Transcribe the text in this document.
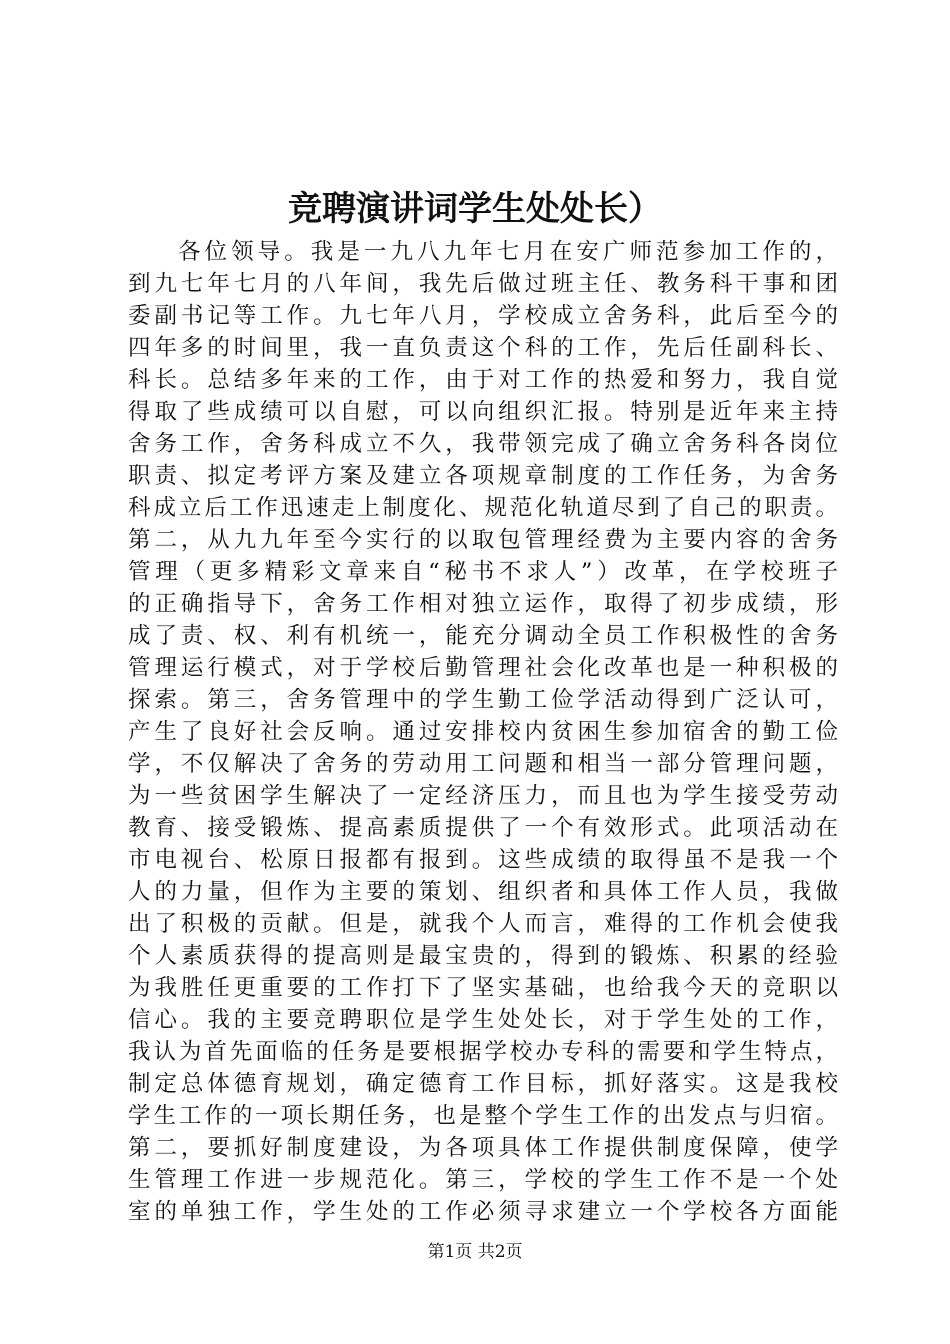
竞聘演讲词学生处处长）
各位领导。我是一九八九年七月在安广师范参加工作的，
到九七年七月的八年间，我先后做过班主任、教务科干事和团
委副书记等工作。九七年八月，学校成立舍务科，此后至今的
四年多的时间里，我一直负责这个科的工作，先后任副科长、
科长。总结多年来的工作，由于对工作的热爱和努力，我自觉
得取了些成绩可以自慰，可以向组织汇报。特别是近年来主持
舍务工作，舍务科成立不久，我带领完成了确立舍务科各岗位
职责、拟定考评方案及建立各项规章制度的工作任务，为舍务
科成立后工作迅速走上制度化、规范化轨道尽到了自己的职责。
第二，从九九年至今实行的以取包管理经费为主要内容的舍务
管理（更多精彩文章来自“秘书不求人”）改革，在学校班子
的正确指导下，舍务工作相对独立运作，取得了初步成绩，形
成了责、权、利有机统一，能充分调动全员工作积极性的舍务
管理运行模式，对于学校后勤管理社会化改革也是一种积极的
探索。第三，舍务管理中的学生勤工俭学活动得到广泛认可，
产生了良好社会反响。通过安排校内贫困生参加宿舍的勤工俭
学，不仅解决了舍务的劳动用工问题和相当一部分管理问题，
为一些贫困学生解决了一定经济压力，而且也为学生接受劳动
教育、接受锻炼、提高素质提供了一个有效形式。此项活动在
市电视台、松原日报都有报到。这些成绩的取得虽不是我一个
人的力量，但作为主要的策划、组织者和具体工作人员，我做
出了积极的贡献。但是，就我个人而言，难得的工作机会使我
个人素质获得的提高则是最宝贵的，得到的锻炼、积累的经验
为我胜任更重要的工作打下了坚实基础，也给我今天的竞职以
信心。我的主要竞聘职位是学生处处长，对于学生处的工作，
我认为首先面临的任务是要根据学校办专科的需要和学生特点，
制定总体德育规划，确定德育工作目标，抓好落实。这是我校
学生工作的一项长期任务，也是整个学生工作的出发点与归宿。
第二，要抓好制度建设，为各项具体工作提供制度保障，使学
生管理工作进一步规范化。第三，学校的学生工作不是一个处
室的单独工作，学生处的工作必须寻求建立一个学校各方面能
第1页 共2页
